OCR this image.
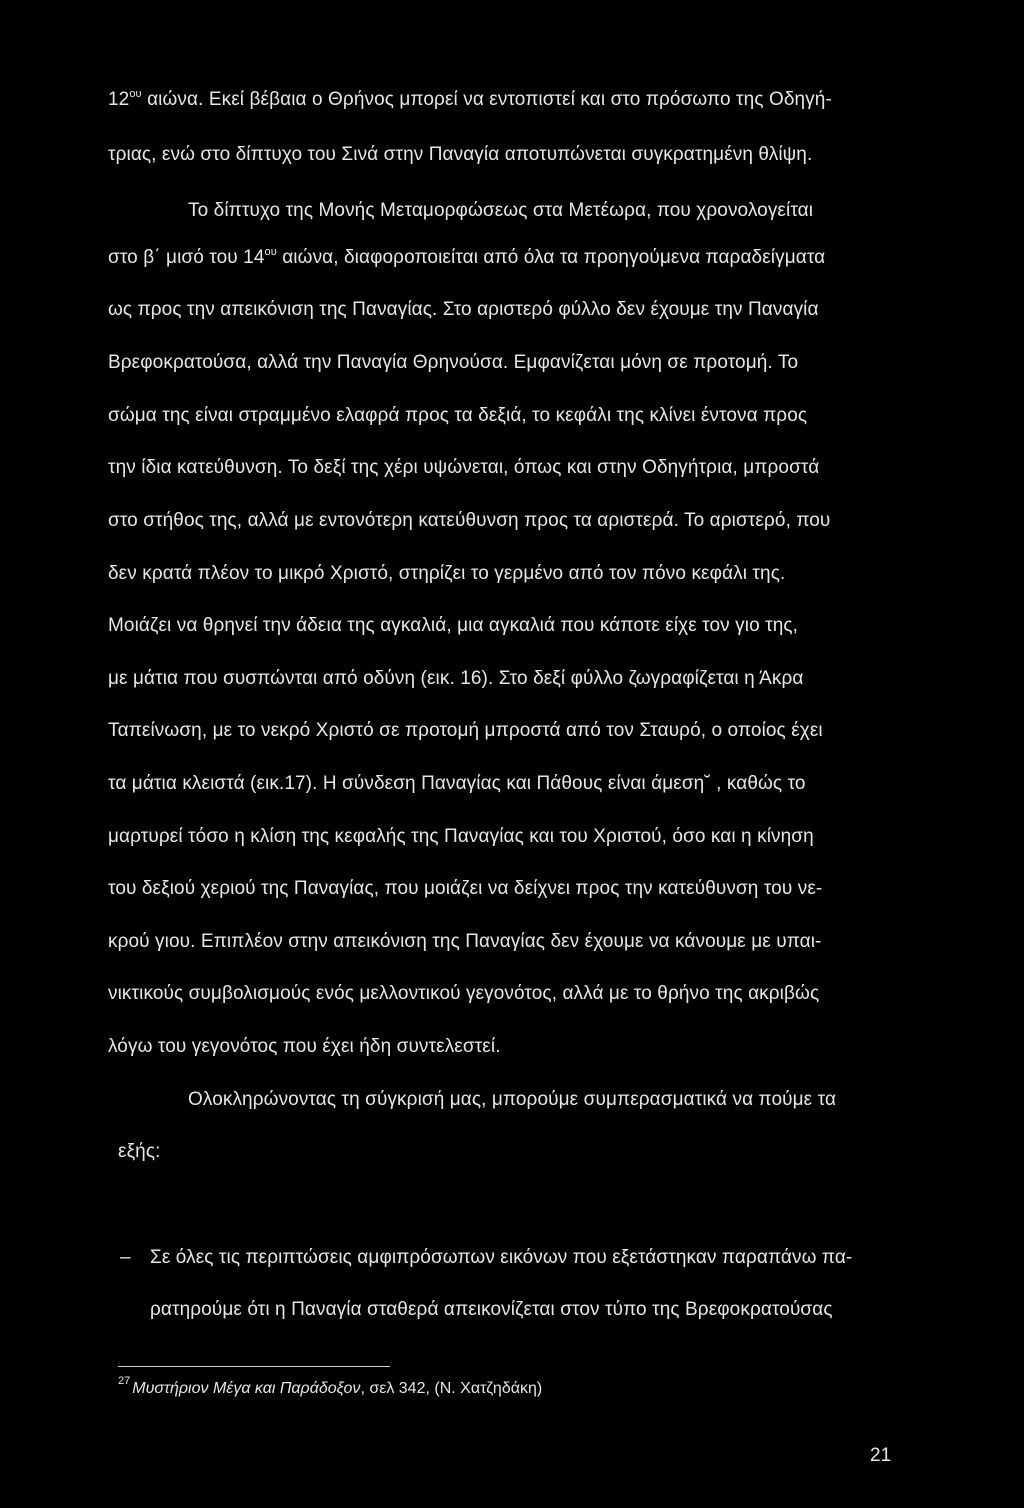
$12^{o\upsilon}$ αιώνα. Εκεί βέβαια ο Θρήνος μπορεί να εντοπιστεί και στο πρόσωπο της Οδηγή-
τριας, ενώ στο δίπτυχο του Σινά στην Παναγία αποτυπώνεται συγκρατημένη θλίψη.
Το δίπτυχο της Μονής Μεταμορφώσεως στα Μετέωρα, που χρονολογείται
στο β΄ μισό του $14^{o\upsilon}$ αιώνα, διαφοροποιείται από όλα τα προηγούμενα παραδείγματα
ως προς την απεικόνιση της Παναγίας. Στο αριστερό φύλλο δεν έχουμε την Παναγία
Βρεφοκρατούσα, αλλά την Παναγία Θρηνούσα. Εμφανίζεται μόνη σε προτομή. Το
σώμα της είναι στραμμένο ελαφρά προς τα δεξιά, το κεφάλι της κλίνει έντονα προς
την ίδια κατεύθυνση. Το δεξί της χέρι υψώνεται, όπως και στην Οδηγήτρια, μπροστά
στο στήθος της, αλλά με εντονότερη κατεύθυνση προς τα αριστερά. Το αριστερό, που
δεν κρατά πλέον το μικρό Χριστό, στηρίζει το γερμένο από τον πόνο κεφάλι της.
Μοιάζει να θρηνεί την άδεια της αγκαλιά, μια αγκαλιά που κάποτε είχε τον γιο της,
με μάτια που συσπώνται από οδύνη (εικ. 16). Στο δεξί φύλλο ζωγραφίζεται η Άκρα
Ταπείνωση, με το νεκρό Χριστό σε προτομή μπροστά από τον Σταυρό, ο οποίος έχει
τα μάτια κλειστά (εικ.17). Η σύνδεση Παναγίας και Πάθους είναι άμεση˘ , καθώς το
μαρτυρεί τόσο η κλίση της κεφαλής της Παναγίας και του Χριστού, όσο και η κίνηση
του δεξιού χεριού της Παναγίας, που μοιάζει να δείχνει προς την κατεύθυνση του νε-
κρού γιου. Επιπλέον στην απεικόνιση της Παναγίας δεν έχουμε να κάνουμε με υπαι-
νικτικούς συμβολισμούς ενός μελλοντικού γεγονότος, αλλά με το θρήνο της ακριβώς
λόγω του γεγονότος που έχει ήδη συντελεστεί.
Ολοκληρώνοντας τη σύγκρισή μας, μπορούμε συμπερασματικά να πούμε τα
εξής:
– Σε όλες τις περιπτώσεις αμφιπρόσωπων εικόνων που εξετάστηκαν παραπάνω πα-
ρατηρούμε ότι η Παναγία σταθερά απεικονίζεται στον τύπο της Βρεφοκρατούσας
$^{27}$ Μυστήριον Μέγα και Παράδοξον, σελ 342, (Ν. Χατζηδάκη)
21
